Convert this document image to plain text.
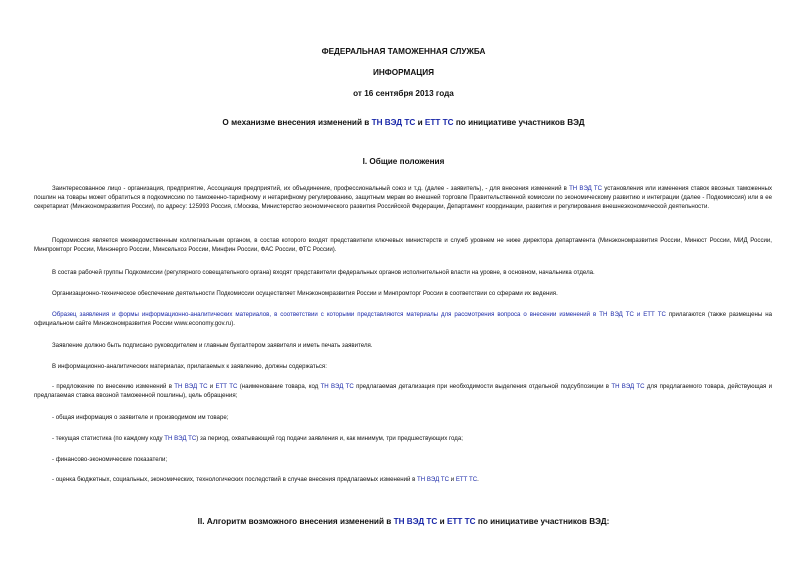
ФЕДЕРАЛЬНАЯ ТАМОЖЕННАЯ СЛУЖБА
ИНФОРМАЦИЯ
от 16 сентября 2013 года
О механизме внесения изменений в ТН ВЭД ТС и ЕТТ ТС по инициативе участников ВЭД
I. Общие положения
Заинтересованное лицо - организация, предприятие, Ассоциация предприятий, их объединение, профессиональный союз и т.д. (далее - заявитель), - для внесения изменений в ТН ВЭД ТС установления или изменения ставок ввозных таможенных пошлин на товары может обратиться в подкомиссию по таможенно-тарифному и нетарифному регулированию, защитным мерам во внешней торговле Правительственной комиссии по экономическому развитию и интеграции (далее - Подкомиссия) или в ее секретариат (Минэкономразвития России), по адресу: 125993 Россия, г.Москва, Министерство экономического развития Российской Федерации, Департамент координации, развития и регулирования внешнеэкономической деятельности.
Подкомиссия является межведомственным коллегиальным органом, в состав которого входят представители ключевых министерств и служб уровнем не ниже директора департамента (Минэкономразвития России, Минюст России, МИД России, Минпромторг России, Минэнерго России, Минсельхоз России, Минфин России, ФАС России, ФТС России).
В состав рабочей группы Подкомиссии (регулярного совещательного органа) входят представители федеральных органов исполнительной власти на уровне, в основном, начальника отдела.
Организационно-техническое обеспечение деятельности Подкомиссии осуществляет Минэкономразвития России и Минпромторг России в соответствии со сферами их ведения.
Образец заявления и формы информационно-аналитических материалов, в соответствии с которыми представляются материалы для рассмотрения вопроса о внесении изменений в ТН ВЭД ТС и ЕТТ ТС прилагаются (также размещены на официальном сайте Минэкономразвития России www.economy.gov.ru).
Заявление должно быть подписано руководителем и главным бухгалтером заявителя и иметь печать заявителя.
В информационно-аналитических материалах, прилагаемых к заявлению, должны содержаться:
- предложение по внесению изменений в ТН ВЭД ТС и ЕТТ ТС (наименование товара, код ТН ВЭД ТС предлагаемая детализация при необходимости выделения отдельной подсубпозиции в ТН ВЭД ТС для предлагаемого товара, действующая и предлагаемая ставка ввозной таможенной пошлины), цель обращения;
- общая информация о заявителе и производимом им товаре;
- текущая статистика (по каждому коду ТН ВЭД ТС) за период, охватывающий год подачи заявления и, как минимум, три предшествующих года;
- финансово-экономические показатели;
- оценка бюджетных, социальных, экономических, технологических последствий в случае внесения предлагаемых изменений в ТН ВЭД ТС и ЕТТ ТС.
II. Алгоритм возможного внесения изменений в ТН ВЭД ТС и ЕТТ ТС по инициативе участников ВЭД:
